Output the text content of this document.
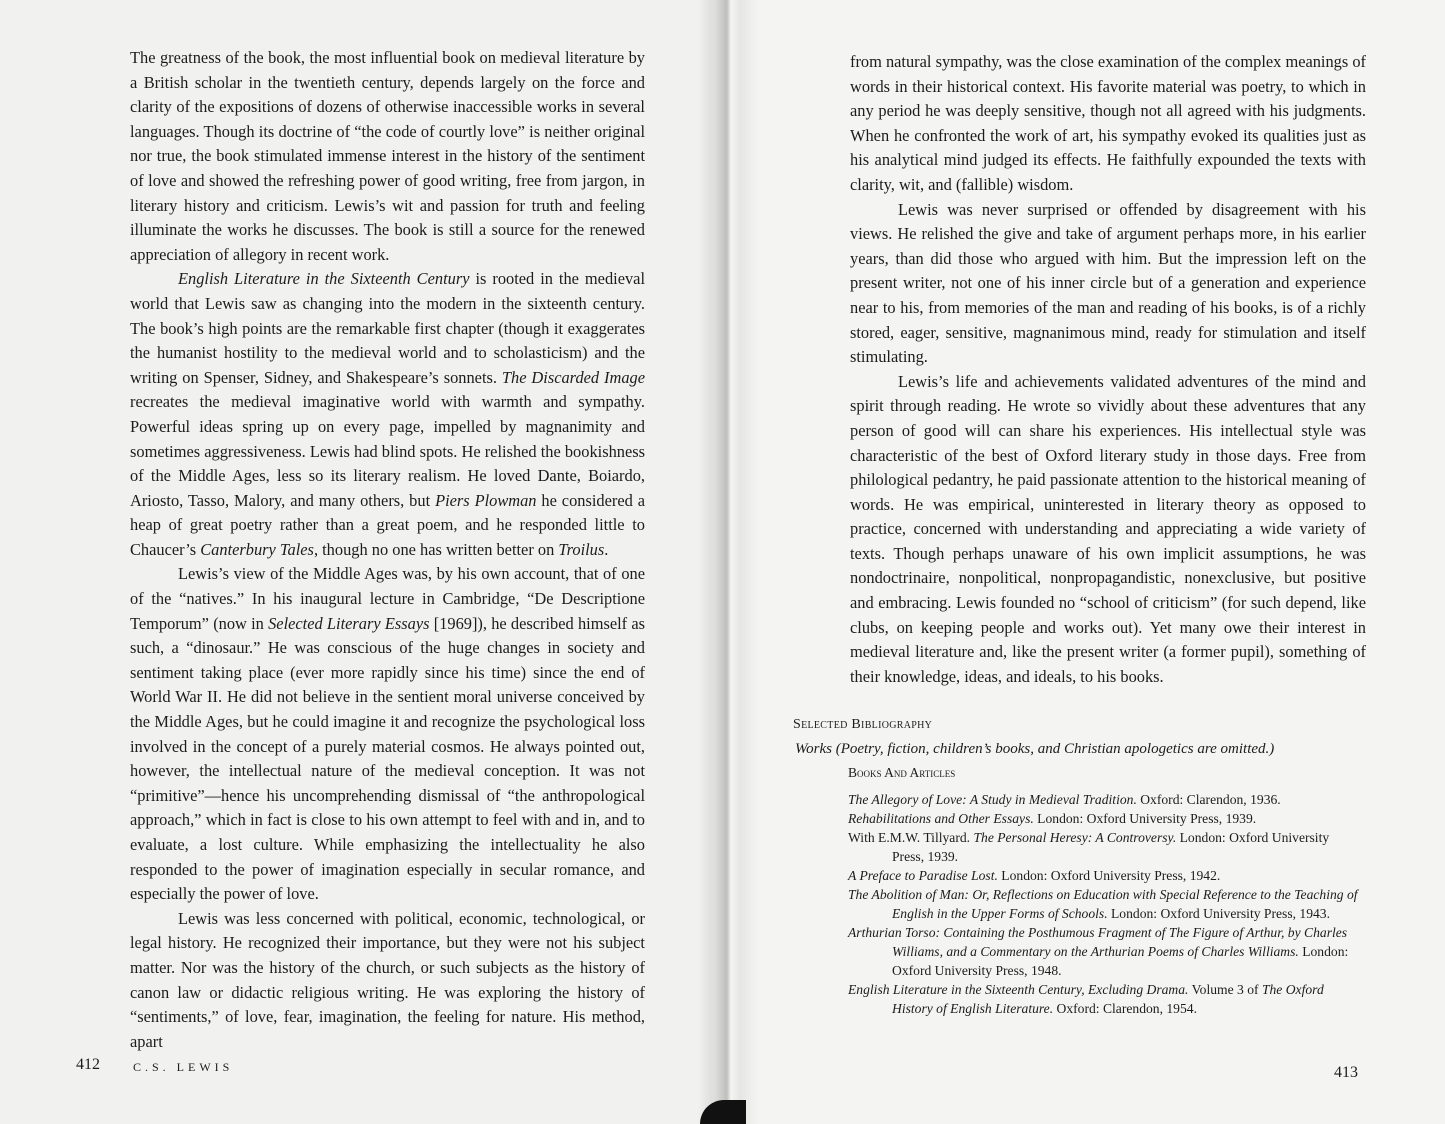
The greatness of the book, the most influential book on medieval literature by a British scholar in the twentieth century, depends largely on the force and clarity of the expositions of dozens of otherwise inaccessible works in several languages. Though its doctrine of “the code of courtly love” is neither original nor true, the book stimulated immense interest in the history of the sentiment of love and showed the refreshing power of good writing, free from jargon, in literary history and criticism. Lewis’s wit and passion for truth and feeling illuminate the works he discusses. The book is still a source for the renewed appreciation of allegory in recent work.

English Literature in the Sixteenth Century is rooted in the medieval world that Lewis saw as changing into the modern in the sixteenth century. The book’s high points are the remarkable first chapter (though it exaggerates the humanist hostility to the medieval world and to scholasticism) and the writing on Spenser, Sidney, and Shakespeare’s sonnets. The Discarded Image recreates the medieval imaginative world with warmth and sympathy. Powerful ideas spring up on every page, impelled by magnanimity and sometimes aggressiveness. Lewis had blind spots. He relished the bookishness of the Middle Ages, less so its literary realism. He loved Dante, Boiardo, Ariosto, Tasso, Malory, and many others, but Piers Plowman he considered a heap of great poetry rather than a great poem, and he responded little to Chaucer’s Canterbury Tales, though no one has written better on Troilus.

Lewis’s view of the Middle Ages was, by his own account, that of one of the “natives.” In his inaugural lecture in Cambridge, “De Descriptione Temporum” (now in Selected Literary Essays [1969]), he described himself as such, a “dinosaur.” He was conscious of the huge changes in society and sentiment taking place (ever more rapidly since his time) since the end of World War II. He did not believe in the sentient moral universe conceived by the Middle Ages, but he could imagine it and recognize the psychological loss involved in the concept of a purely material cosmos. He always pointed out, however, the intellectual nature of the medieval conception. It was not “primitive”—hence his uncomprehending dismissal of “the anthropological approach,” which in fact is close to his own attempt to feel with and in, and to evaluate, a lost culture. While emphasizing the intellectuality he also responded to the power of imagination especially in secular romance, and especially the power of love.

Lewis was less concerned with political, economic, technological, or legal history. He recognized their importance, but they were not his subject matter. Nor was the history of the church, or such subjects as the history of canon law or didactic religious writing. He was exploring the history of “sentiments,” of love, fear, imagination, the feeling for nature. His method, apart

412	C.S. LEWIS

from natural sympathy, was the close examination of the complex meanings of words in their historical context. His favorite material was poetry, to which in any period he was deeply sensitive, though not all agreed with his judgments. When he confronted the work of art, his sympathy evoked its qualities just as his analytical mind judged its effects. He faithfully expounded the texts with clarity, wit, and (fallible) wisdom.

Lewis was never surprised or offended by disagreement with his views. He relished the give and take of argument perhaps more, in his earlier years, than did those who argued with him. But the impression left on the present writer, not one of his inner circle but of a generation and experience near to his, from memories of the man and reading of his books, is of a richly stored, eager, sensitive, magnanimous mind, ready for stimulation and itself stimulating.

Lewis’s life and achievements validated adventures of the mind and spirit through reading. He wrote so vividly about these adventures that any person of good will can share his experiences. His intellectual style was characteristic of the best of Oxford literary study in those days. Free from philological pedantry, he paid passionate attention to the historical meaning of words. He was empirical, uninterested in literary theory as opposed to practice, concerned with understanding and appreciating a wide variety of texts. Though perhaps unaware of his own implicit assumptions, he was nondoctrinaire, nonpolitical, nonpropagandistic, nonexclusive, but positive and embracing. Lewis founded no “school of criticism” (for such depend, like clubs, on keeping people and works out). Yet many owe their interest in medieval literature and, like the present writer (a former pupil), something of their knowledge, ideas, and ideals, to his books.

Selected Bibliography
Works (Poetry, fiction, children’s books, and Christian apologetics are omitted.)
Books And Articles
The Allegory of Love: A Study in Medieval Tradition. Oxford: Clarendon, 1936.
Rehabilitations and Other Essays. London: Oxford University Press, 1939.
With E.M.W. Tillyard. The Personal Heresy: A Controversy. London: Oxford University Press, 1939.
A Preface to Paradise Lost. London: Oxford University Press, 1942.
The Abolition of Man: Or, Reflections on Education with Special Reference to the Teaching of English in the Upper Forms of Schools. London: Oxford University Press, 1943.
Arthurian Torso: Containing the Posthumous Fragment of The Figure of Arthur, by Charles Williams, and a Commentary on the Arthurian Poems of Charles Williams. London: Oxford University Press, 1948.
English Literature in the Sixteenth Century, Excluding Drama. Volume 3 of The Oxford History of English Literature. Oxford: Clarendon, 1954.
413
